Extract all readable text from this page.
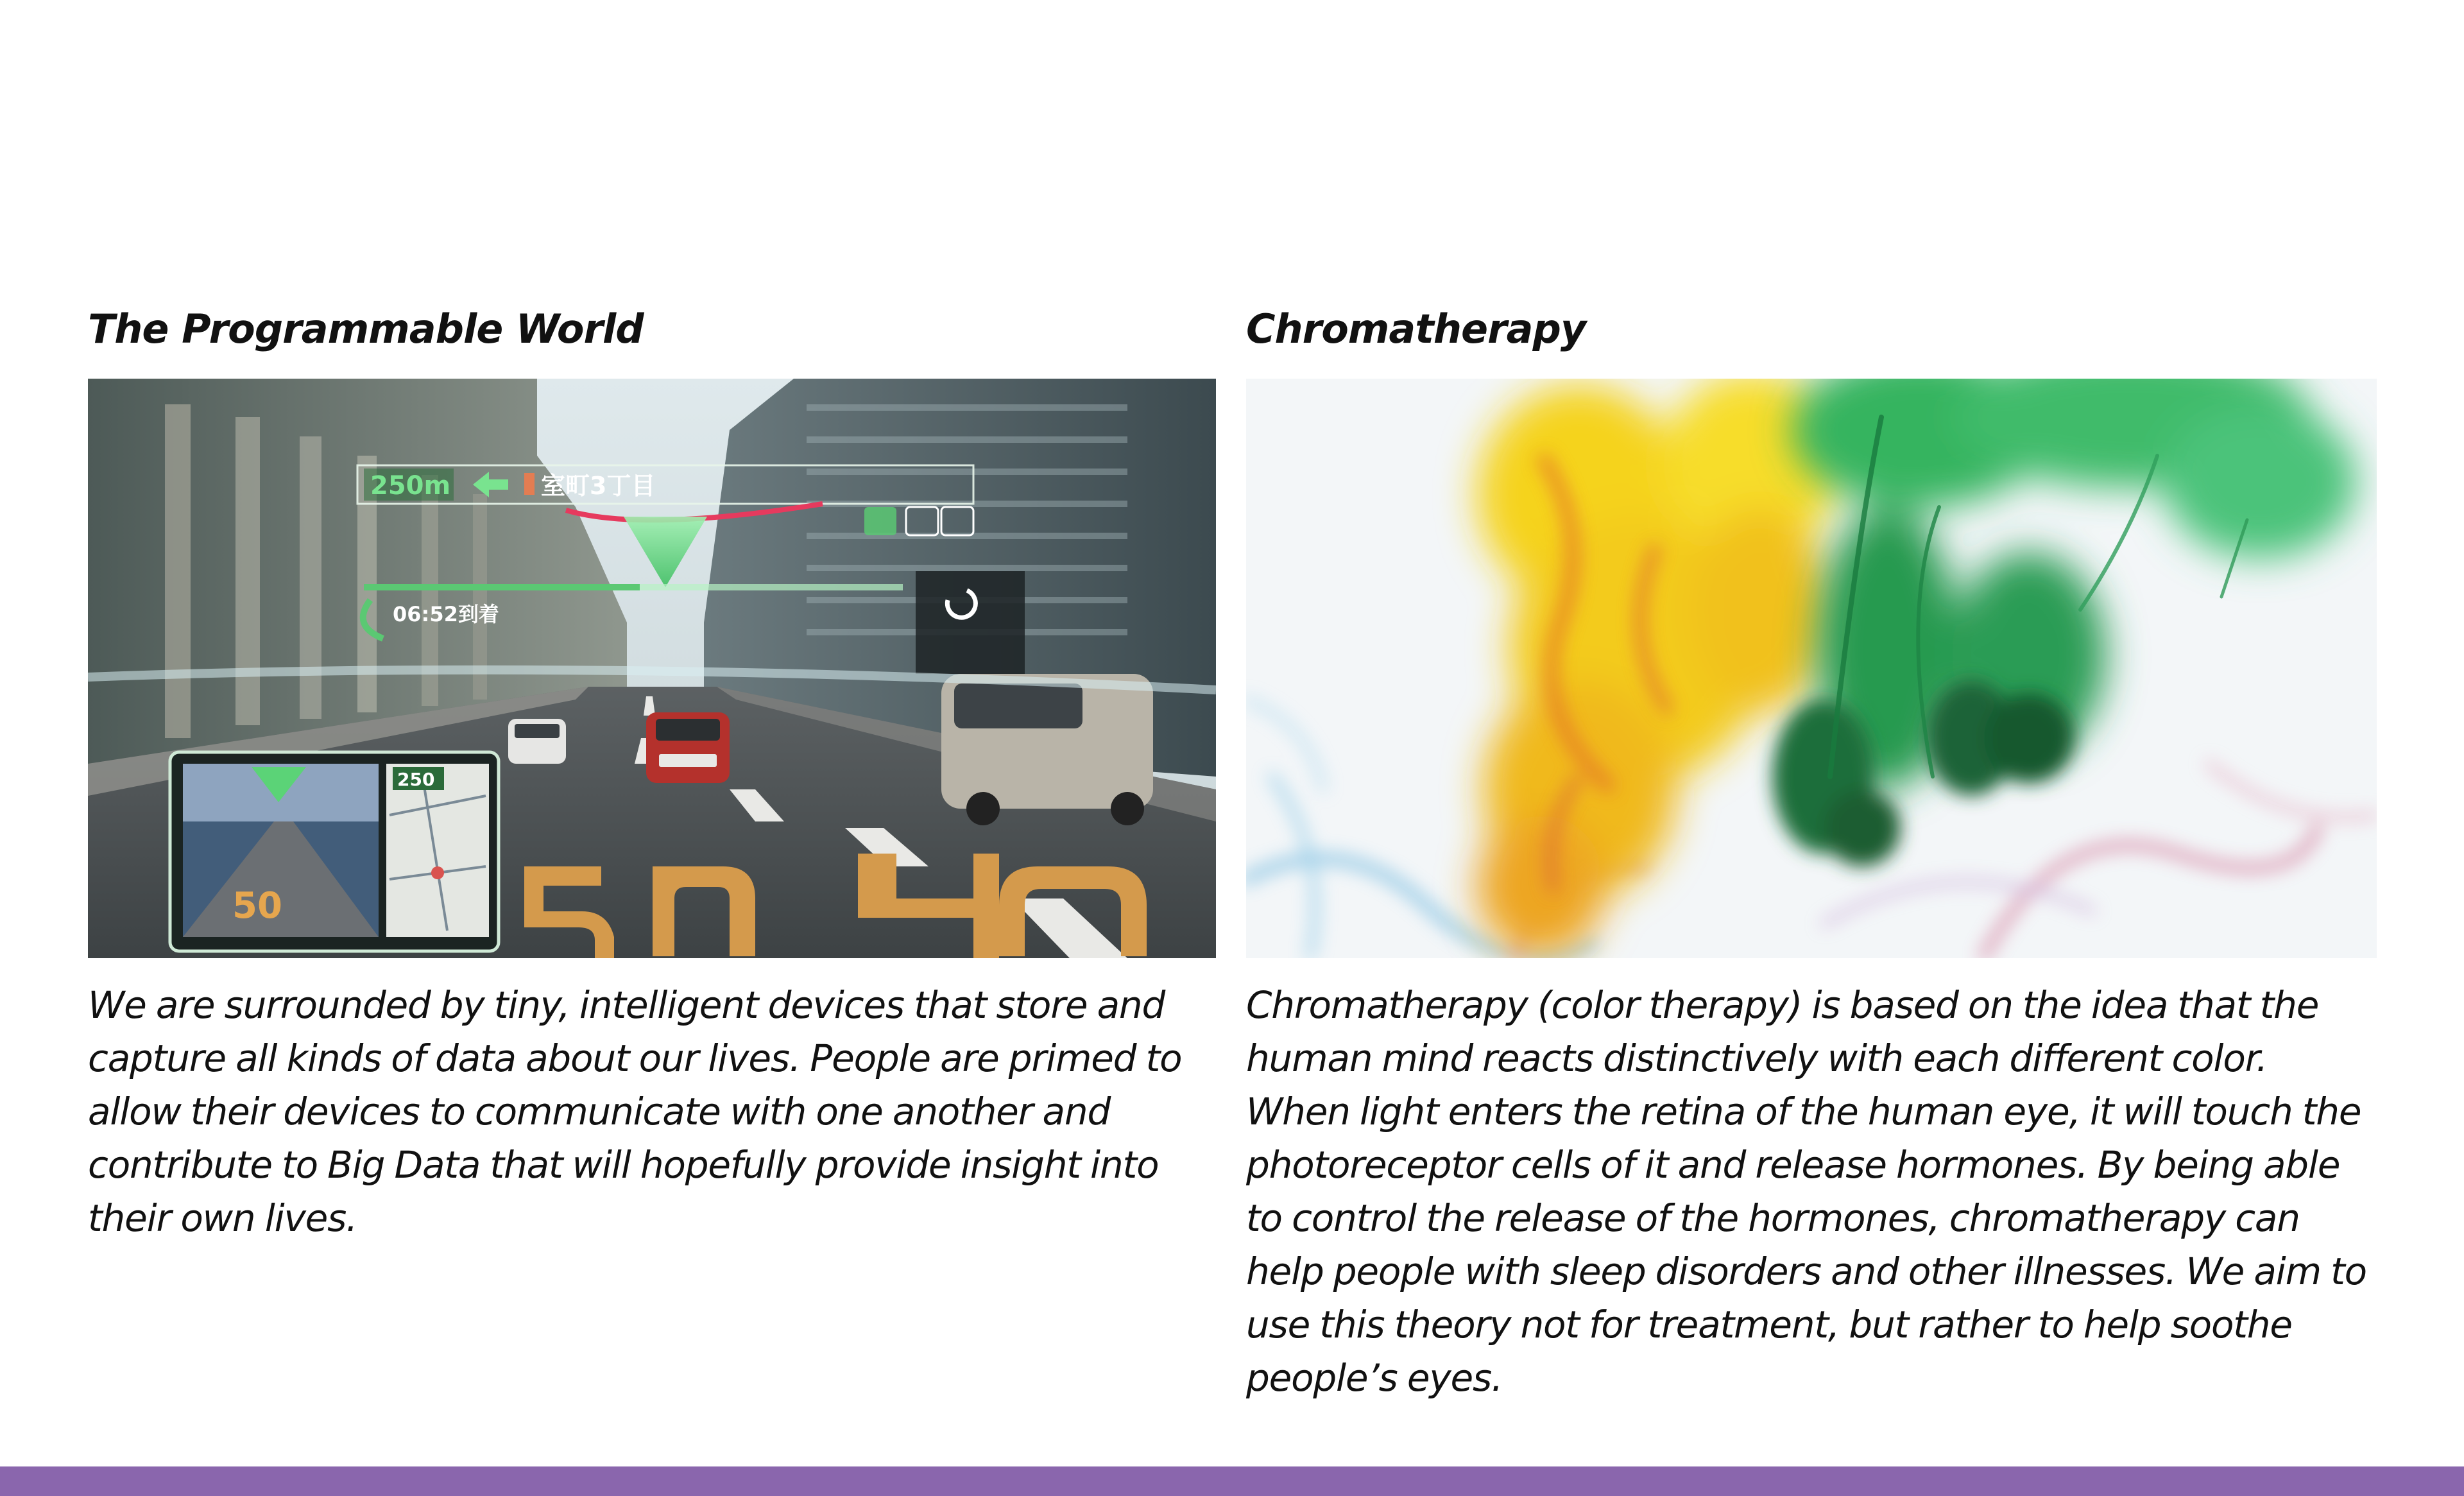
The Programmable World
250m	室町3丁目
06:52到着
50
250

We are surrounded by tiny, intelligent devices that store and capture all kinds of data about our lives. People are primed to allow their devices to communicate with one another and contribute to Big Data that will hopefully provide insight into their own lives.

Chromatherapy

Chromatherapy (color therapy) is based on the idea that the human mind reacts distinctively with each different color. When light enters the retina of the human eye, it will touch the photoreceptor cells of it and release hormones. By being able to control the release of the hormones, chromatherapy can help people with sleep disorders and other illnesses. We aim to use this theory not for treatment, but rather to help soothe people’s eyes.
